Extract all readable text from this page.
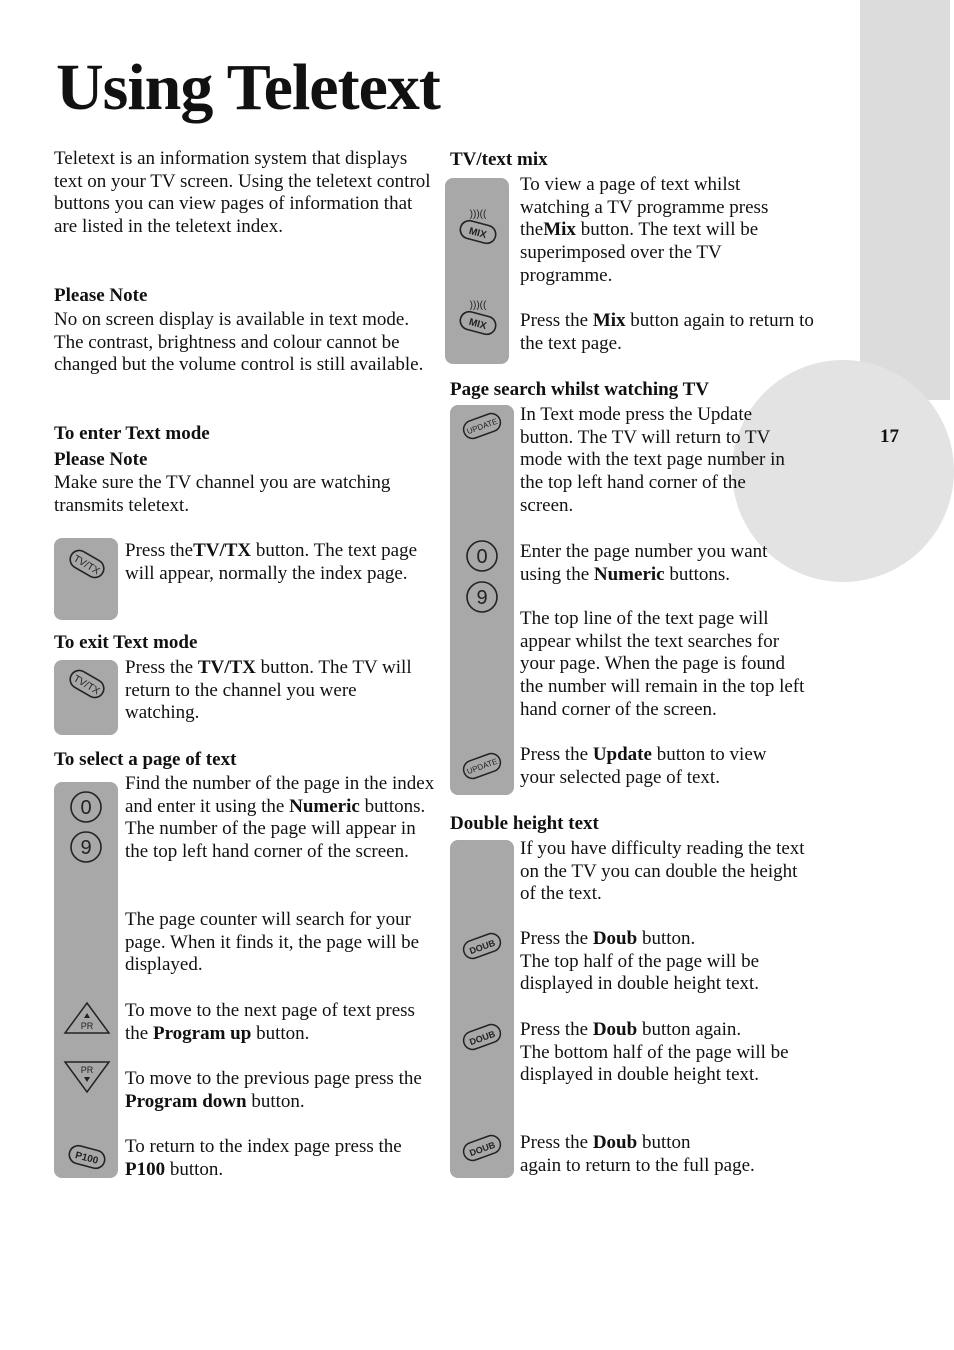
17
Using Teletext

Teletext is an information system that displays text on your TV screen. Using the teletext control buttons you can view pages of information that are listed in the teletext index.

Please Note

No on screen display is available in text mode. The contrast, brightness and colour cannot be changed but the volume control is still available.

To enter Text mode

Please Note

Make sure the TV channel you are watching transmits teletext.

TV/TX

Press theTV/TX button. The text page will appear, normally the index page.

To exit Text mode

TV/TX

Press the TV/TX button. The TV will return to the channel you were watching.

To select a page of text

0
9
PR
PR
P100

Find the number of the page in the index and enter it using the Numeric buttons. The number of the page will appear in the top left hand corner of the screen.

The page counter will search for your page. When it finds it, the page will be displayed.

To move to the next page of text press the Program up button.

To move to the previous page press the Program down button.

To return to the index page press the P100 button.

TV/text mix

)))((
MIX
)))((
MIX

To view a page of text whilst watching a TV programme press theMix button. The text will be superimposed over the TV programme.

Press the Mix button again to return to the text page.

Page search whilst watching TV

UPDATE
0
9
UPDATE

In Text mode press the Update button. The TV will return to TV mode with the text page number in the top left hand corner of the screen.

Enter the page number you want using the Numeric buttons.

The top line of the text page will appear whilst the text searches for your page. When the page is found the number will remain in the top left hand corner of the screen.

Press the Update button to view your selected page of text.

Double height text

DOUB
DOUB
DOUB

If you have difficulty reading the text on the TV you can double the height of the text.

Press the Doub button.
The top half of the page will be displayed in double height text.

Press the Doub button again.
The bottom half of the page will be displayed in double height text.

Press the Doub button
again to return to the full page.
